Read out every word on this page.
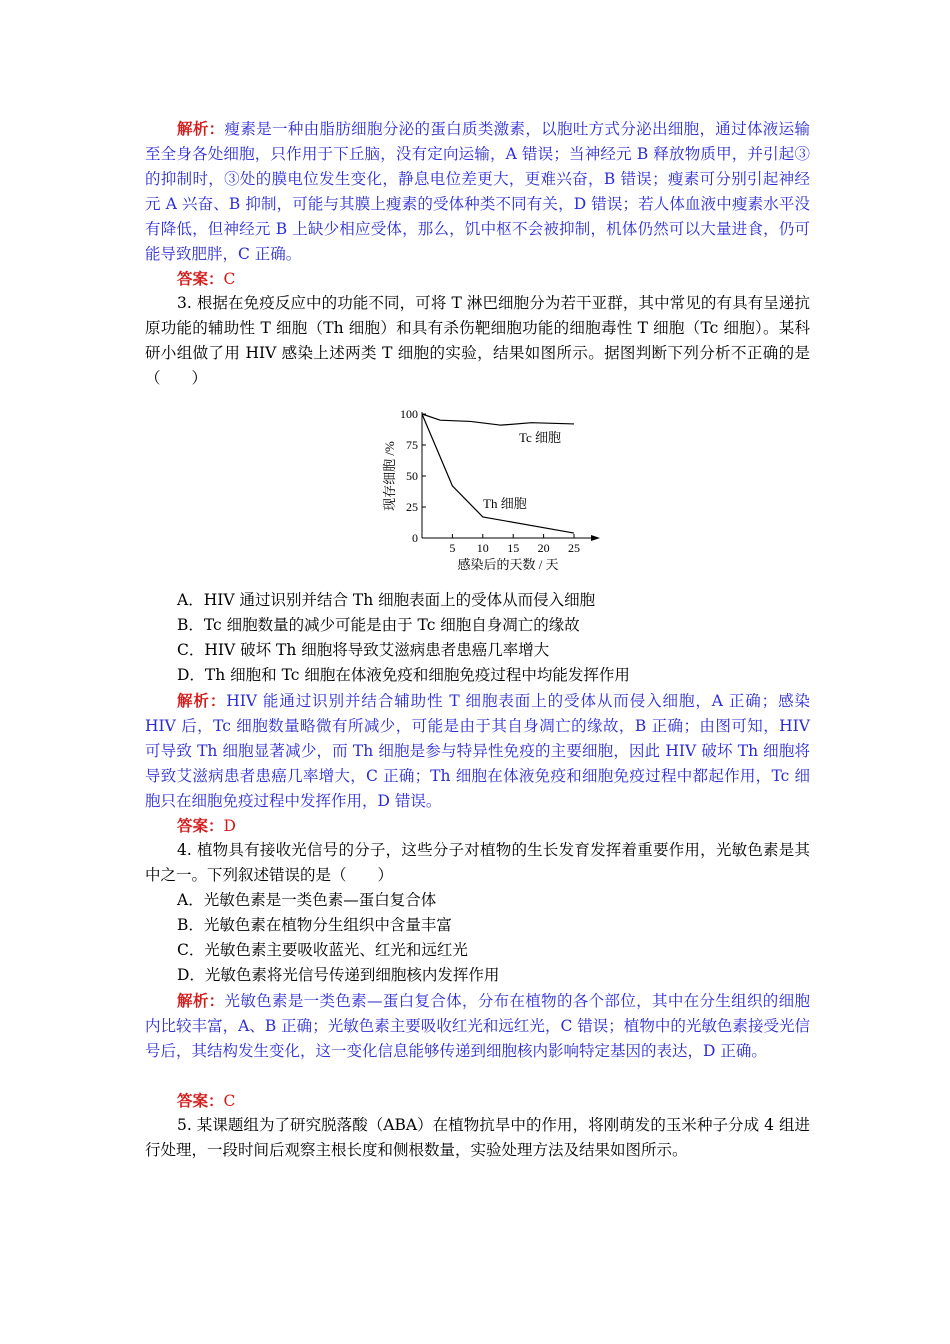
解析：瘦素是一种由脂肪细胞分泌的蛋白质类激素，以胞吐方式分泌出细胞，通过体液运输至全身各处细胞，只作用于下丘脑，没有定向运输，A 错误；当神经元 B 释放物质甲，并引起③的抑制时，③处的膜电位发生变化，静息电位差更大，更难兴奋，B 错误；瘦素可分别引起神经元 A 兴奋、B 抑制，可能与其膜上瘦素的受体种类不同有关，D 错误；若人体血液中瘦素水平没有降低，但神经元 B 上缺少相应受体，那么，饥中枢不会被抑制，机体仍然可以大量进食，仍可能导致肥胖，C 正确。

答案：C

3. 根据在免疫反应中的功能不同，可将 T 淋巴细胞分为若干亚群，其中常见的有具有呈递抗原功能的辅助性 T 细胞（Th 细胞）和具有杀伤靶细胞功能的细胞毒性 T 细胞（Tc 细胞）。某科研小组做了用 HIV 感染上述两类 T 细胞的实验，结果如图所示。据图判断下列分析不正确的是（　　）

5 10 15 20 25
0
25
50
75
100
Tc 细胞
Th 细胞
感染后的天数 / 天
现存细胞 /%

A．HIV 通过识别并结合 Th 细胞表面上的受体从而侵入细胞

B．Tc 细胞数量的减少可能是由于 Tc 细胞自身凋亡的缘故

C．HIV 破坏 Th 细胞将导致艾滋病患者患癌几率增大

D．Th 细胞和 Tc 细胞在体液免疫和细胞免疫过程中均能发挥作用

解析：HIV 能通过识别并结合辅助性 T 细胞表面上的受体从而侵入细胞，A 正确；感染 HIV 后，Tc 细胞数量略微有所减少，可能是由于其自身凋亡的缘故，B 正确；由图可知，HIV 可导致 Th 细胞显著减少，而 Th 细胞是参与特异性免疫的主要细胞，因此 HIV 破坏 Th 细胞将导致艾滋病患者患癌几率增大，C 正确；Th 细胞在体液免疫和细胞免疫过程中都起作用，Tc 细胞只在细胞免疫过程中发挥作用，D 错误。

答案：D

4. 植物具有接收光信号的分子，这些分子对植物的生长发育发挥着重要作用，光敏色素是其中之一。下列叙述错误的是（　　）

A．光敏色素是一类色素—蛋白复合体

B．光敏色素在植物分生组织中含量丰富

C．光敏色素主要吸收蓝光、红光和远红光

D．光敏色素将光信号传递到细胞核内发挥作用

解析：光敏色素是一类色素—蛋白复合体，分布在植物的各个部位，其中在分生组织的细胞内比较丰富，A、B 正确；光敏色素主要吸收红光和远红光，C 错误；植物中的光敏色素接受光信号后，其结构发生变化，这一变化信息能够传递到细胞核内影响特定基因的表达，D 正确。

答案：C

5. 某课题组为了研究脱落酸（ABA）在植物抗旱中的作用，将刚萌发的玉米种子分成 4 组进行处理，一段时间后观察主根长度和侧根数量，实验处理方法及结果如图所示。
